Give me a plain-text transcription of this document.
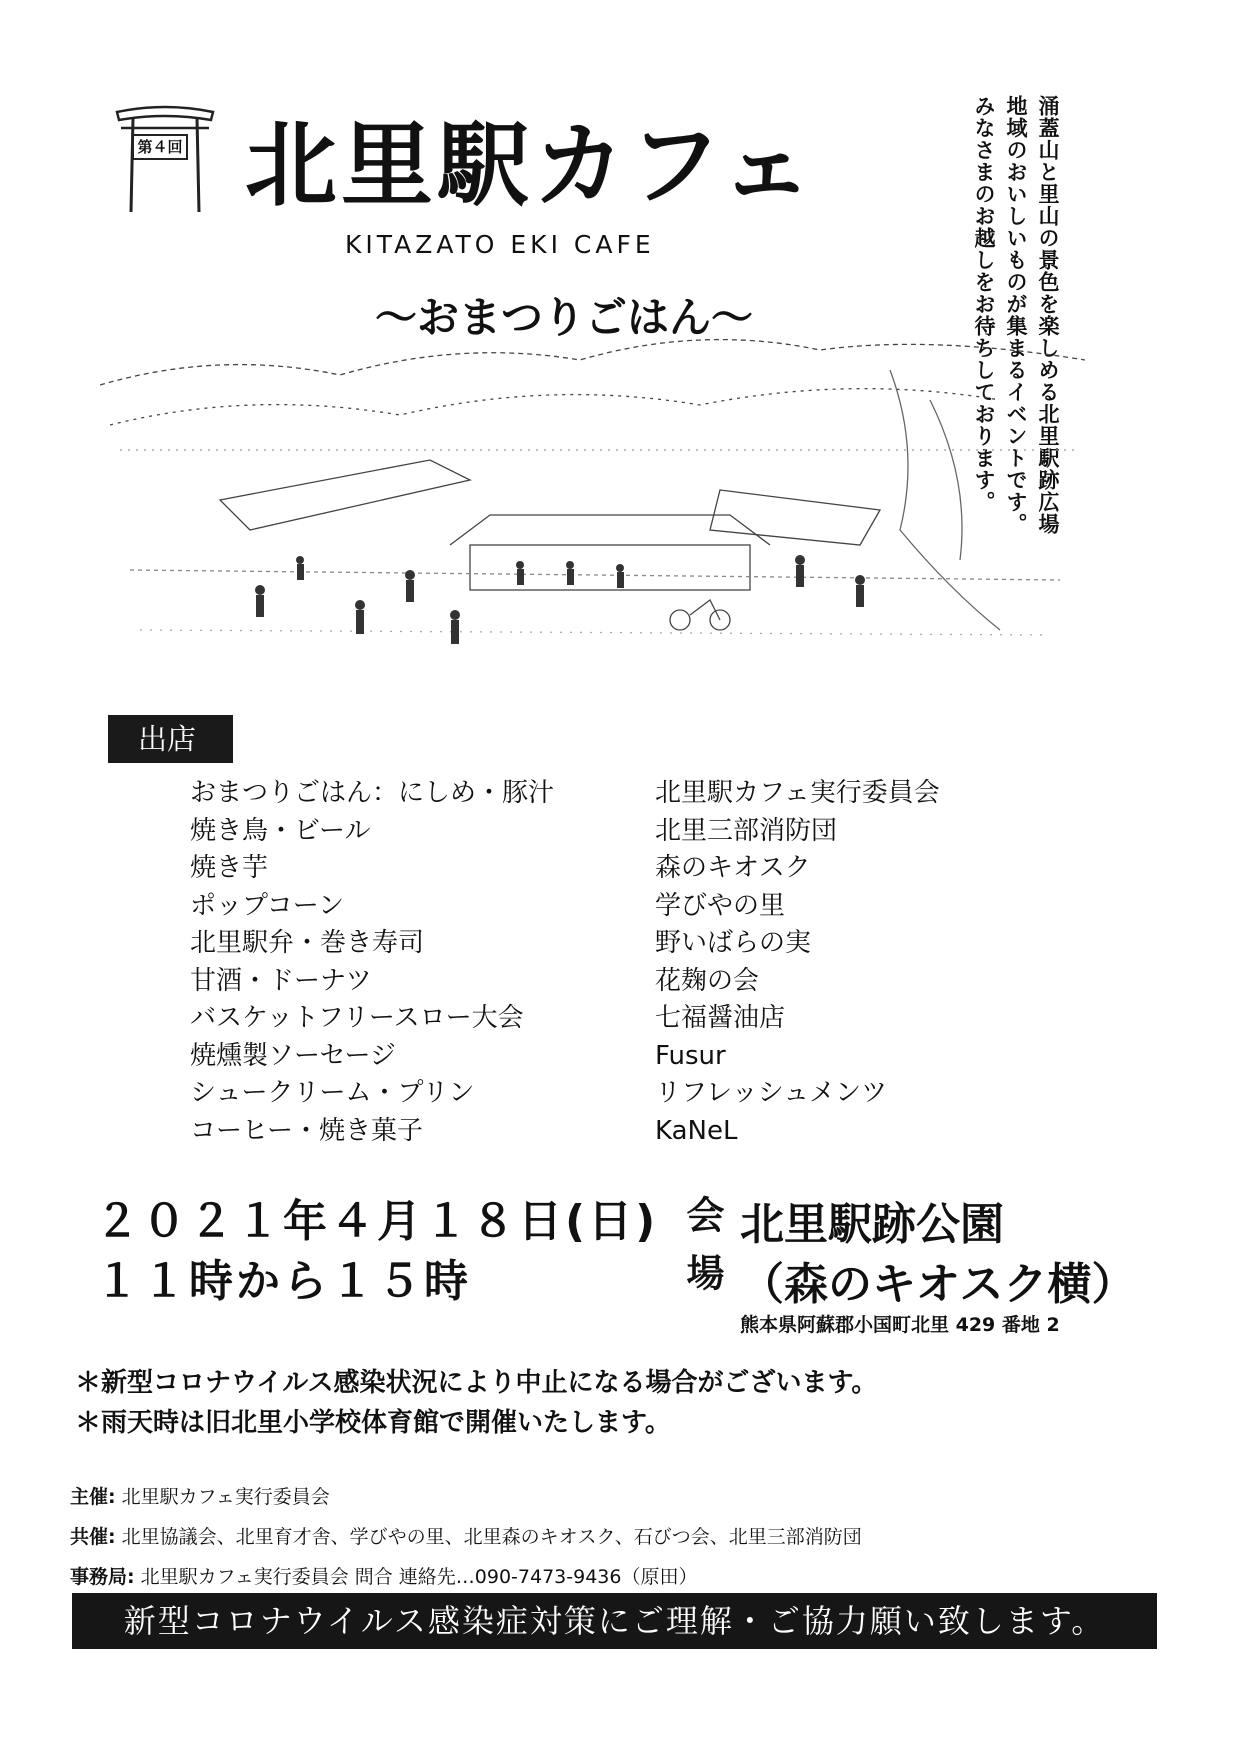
第４回 北里駅カフェ
KITAZATO EKI CAFE
～おまつりごはん～	涌蓋山と里山の景色を楽しめる北里駅跡広場
地域のおいしいものが集まるイベントです。
みなさまのお越しをお待ちしております。
出店
おまつりごはん：にしめ・豚汁	北里駅カフェ実行委員会
焼き鳥・ビール	北里三部消防団
焼き芋	森のキオスク
ポップコーン	学びやの里
北里駅弁・巻き寿司	野いばらの実
甘酒・ドーナツ	花麹の会
バスケットフリースロー大会	七福醤油店
焼燻製ソーセージ	Fusur
シュークリーム・プリン	リフレッシュメンツ
コーヒー・焼き菓子	KaNeL
２０２１年４月１８日(日)
１１時から１５時	会場 北里駅跡公園
（森のキオスク横）
熊本県阿蘇郡小国町北里 429 番地 2
＊新型コロナウイルス感染状況により中止になる場合がございます。
＊雨天時は旧北里小学校体育館で開催いたします。
主催: 北里駅カフェ実行委員会
共催: 北里協議会、北里育才舎、学びやの里、北里森のキオスク、石びつ会、北里三部消防団
事務局: 北里駅カフェ実行委員会 問合 連絡先…090-7473-9436（原田）
新型コロナウイルス感染症対策にご理解・ご協力願い致します。
